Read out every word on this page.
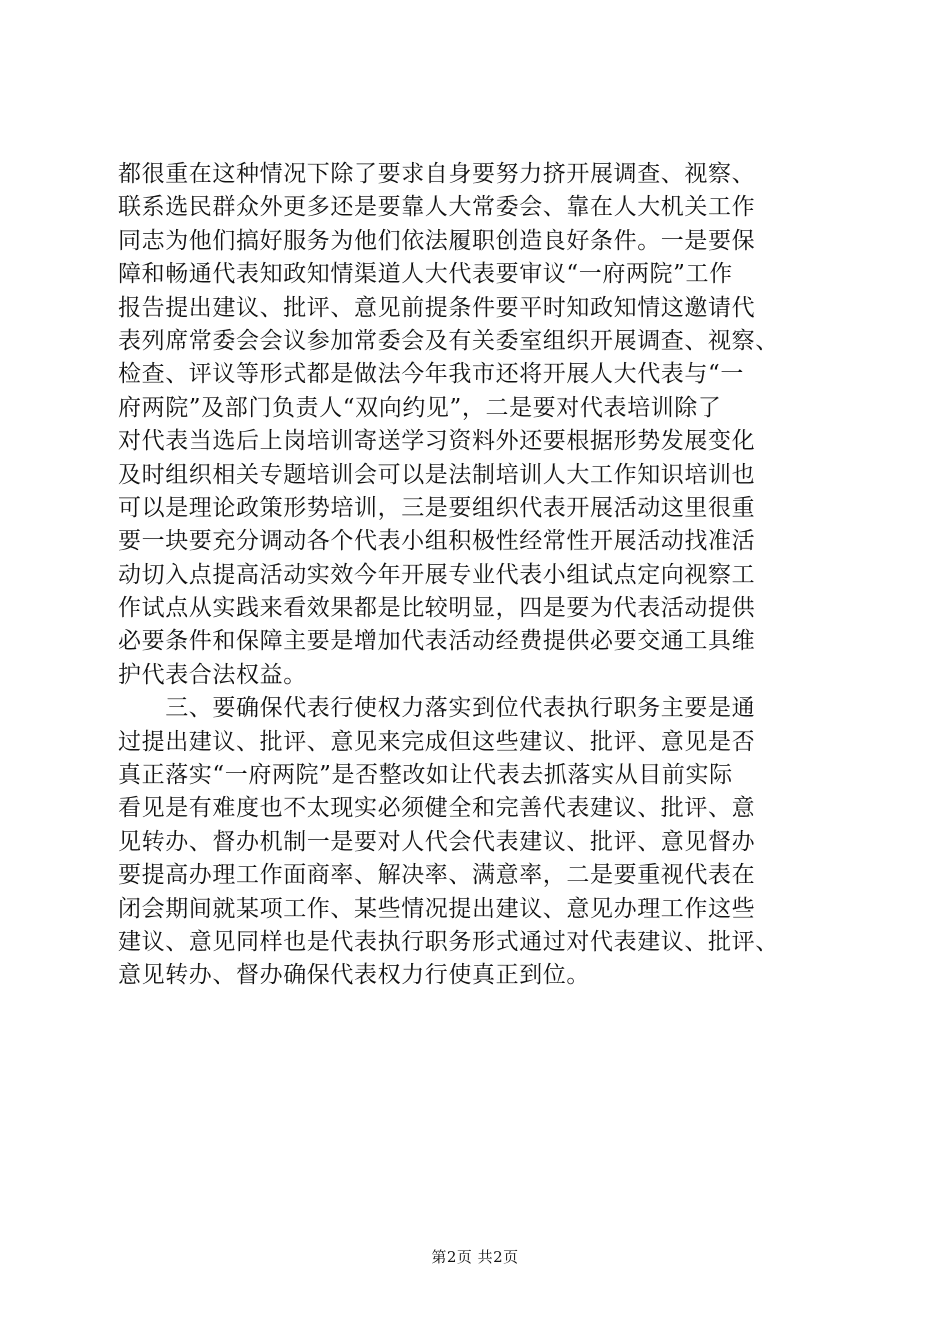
都很重在这种情况下除了要求自身要努力挤开展调查、视察、
联系选民群众外更多还是要靠人大常委会、靠在人大机关工作
同志为他们搞好服务为他们依法履职创造良好条件。一是要保
障和畅通代表知政知情渠道人大代表要审议“一府两院”工作
报告提出建议、批评、意见前提条件要平时知政知情这邀请代
表列席常委会会议参加常委会及有关委室组织开展调查、视察、
检查、评议等形式都是做法今年我市还将开展人大代表与“一
府两院”及部门负责人“双向约见”，二是要对代表培训除了
对代表当选后上岗培训寄送学习资料外还要根据形势发展变化
及时组织相关专题培训会可以是法制培训人大工作知识培训也
可以是理论政策形势培训，三是要组织代表开展活动这里很重
要一块要充分调动各个代表小组积极性经常性开展活动找准活
动切入点提高活动实效今年开展专业代表小组试点定向视察工
作试点从实践来看效果都是比较明显，四是要为代表活动提供
必要条件和保障主要是增加代表活动经费提供必要交通工具维
护代表合法权益。
　　三、要确保代表行使权力落实到位代表执行职务主要是通
过提出建议、批评、意见来完成但这些建议、批评、意见是否
真正落实“一府两院”是否整改如让代表去抓落实从目前实际
看见是有难度也不太现实必须健全和完善代表建议、批评、意
见转办、督办机制一是要对人代会代表建议、批评、意见督办
要提高办理工作面商率、解决率、满意率，二是要重视代表在
闭会期间就某项工作、某些情况提出建议、意见办理工作这些
建议、意见同样也是代表执行职务形式通过对代表建议、批评、
意见转办、督办确保代表权力行使真正到位。
第2页 共2页
